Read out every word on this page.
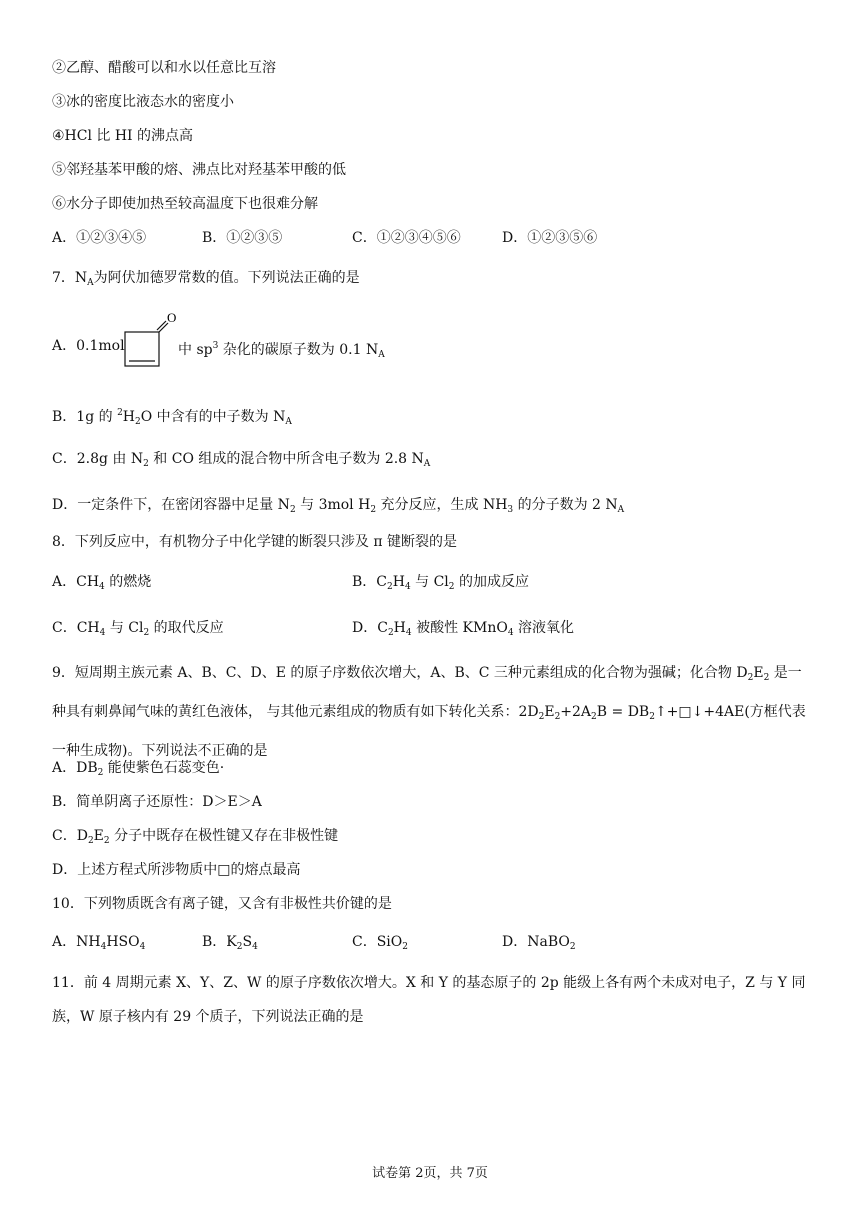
②乙醇、醋酸可以和水以任意比互溶
③冰的密度比液态水的密度小
④HCl 比 HI 的沸点高
⑤邻羟基苯甲酸的熔、沸点比对羟基苯甲酸的低
⑥水分子即使加热至较高温度下也很难分解
A．①②③④⑤	B．①②③⑤	C．①②③④⑤⑥	D．①②③⑤⑥
7．$N_A$为阿伏加德罗常数的值。下列说法正确的是
A．0.1mol
O
中 $sp^3$ 杂化的碳原子数为 0.1 $N_A$
B．1g 的 $^2H_2O$ 中含有的中子数为 $N_A$
C．2.8g 由 $N_2$ 和 CO 组成的混合物中所含电子数为 2.8 $N_A$
D．一定条件下，在密闭容器中足量 $N_2$ 与 3mol $H_2$ 充分反应，生成 $NH_3$ 的分子数为 2 $N_A$
8．下列反应中，有机物分子中化学键的断裂只涉及 π 键断裂的是
A．$CH_4$ 的燃烧	B．$C_2H_4$ 与 $Cl_2$ 的加成反应
C．$CH_4$ 与 $Cl_2$ 的取代反应	D．$C_2H_4$ 被酸性 KMnO$_4$ 溶液氧化
9．短周期主族元素 A、B、C、D、E 的原子序数依次增大，A、B、C 三种元素组成的化合物为强碱；化合物 $D_2E_2$ 是一种具有刺鼻闻气味的黄红色液体， 与其他元素组成的物质有如下转化关系：$2D_2E_2+2A_2B$ = $DB_2↑+□↓+4AE$(方框代表一种生成物)。下列说法不正确的是
A．$DB_2$ 能使紫色石蕊变色·
B．简单阴离子还原性：D＞E＞A
C．$D_2E_2$ 分子中既存在极性键又存在非极性键
D．上述方程式所涉物质中□的熔点最高
10．下列物质既含有离子键，又含有非极性共价键的是
A．$NH_4HSO_4$	B．$K_2S_4$	C．SiO$_2$	D．NaBO$_2$
11．前 4 周期元素 X、Y、Z、W 的原子序数依次增大。X 和 Y 的基态原子的 2p 能级上各有两个未成对电子，Z 与 Y 同族，W 原子核内有 29 个质子，下列说法正确的是
试卷第 2页，共 7页
